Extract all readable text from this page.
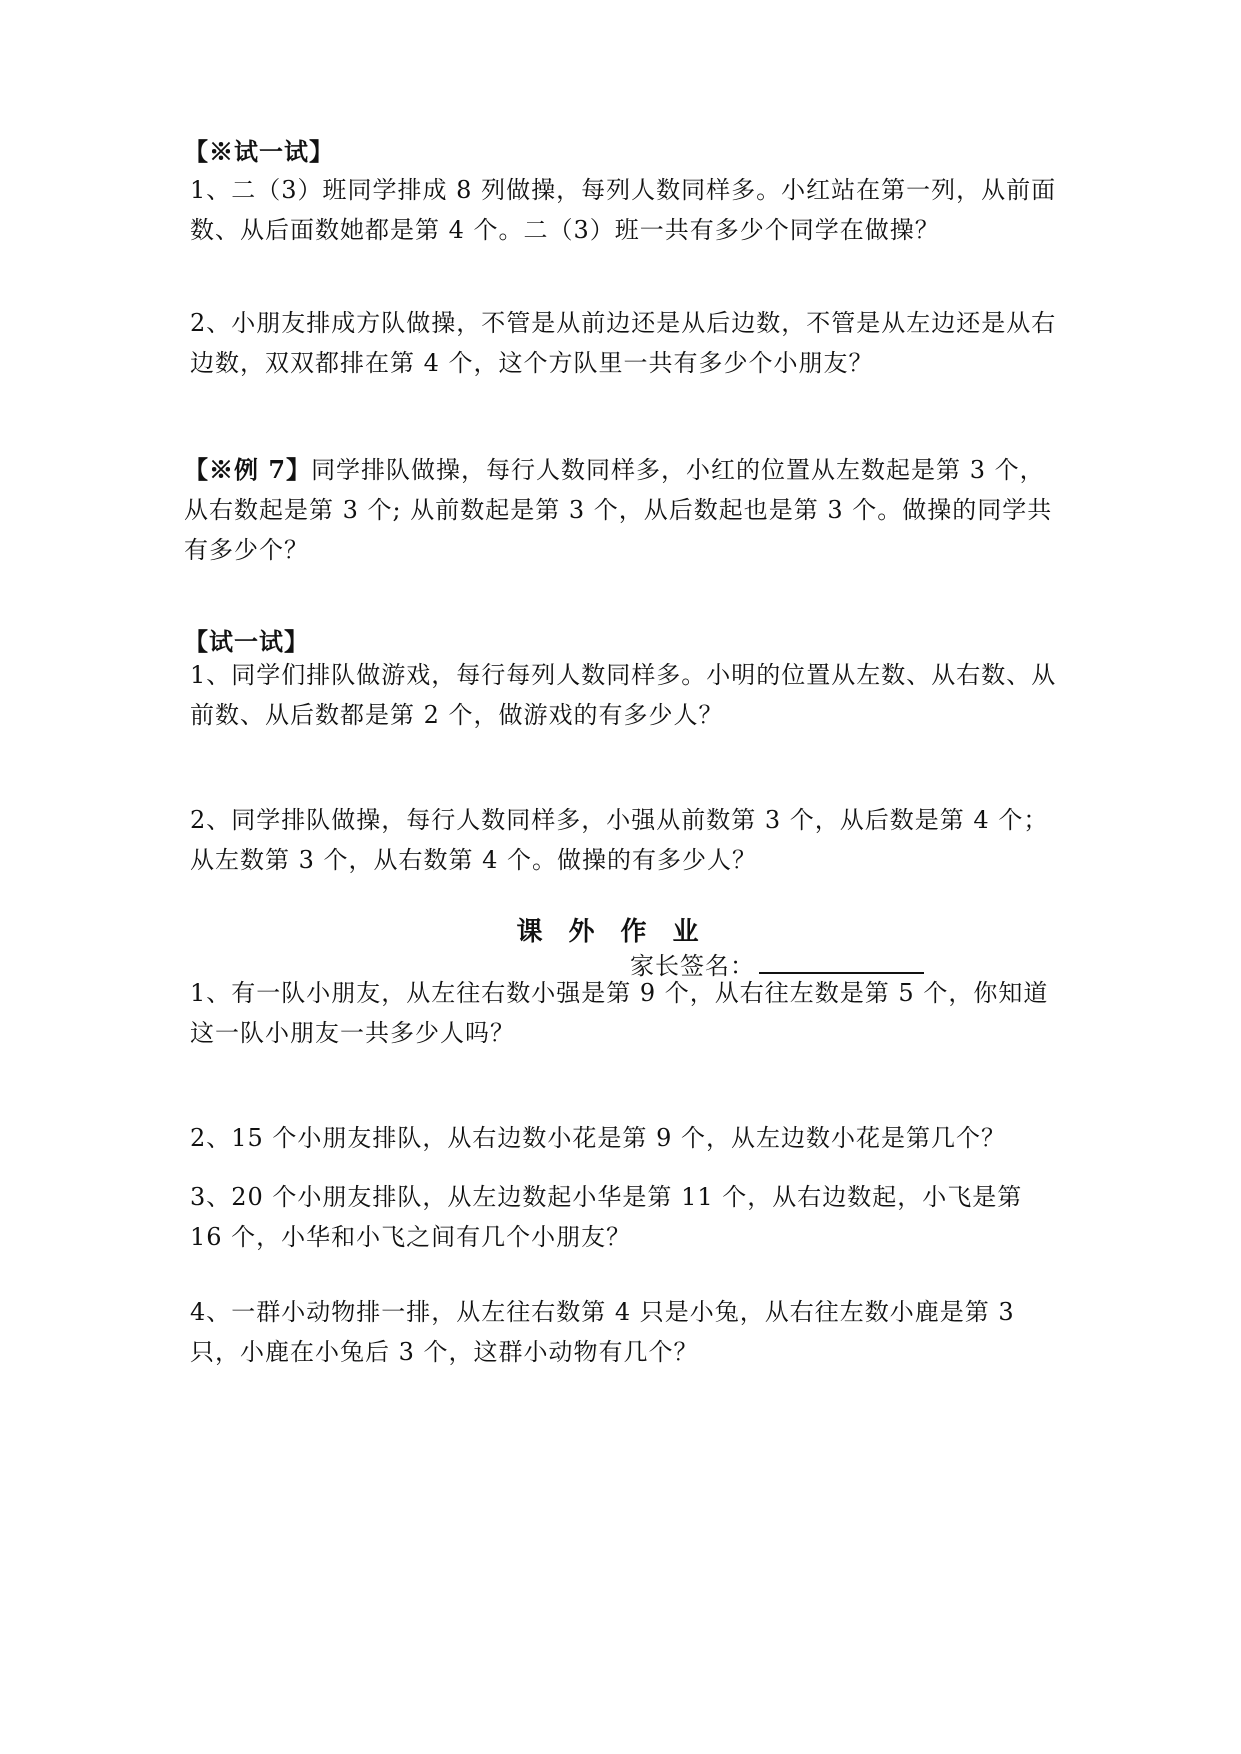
【※试一试】
1、二（3）班同学排成 8 列做操，每列人数同样多。小红站在第一列，从前面数、从后面数她都是第 4 个。二（3）班一共有多少个同学在做操？
2、小朋友排成方队做操，不管是从前边还是从后边数，不管是从左边还是从右边数，双双都排在第 4 个，这个方队里一共有多少个小朋友？
【※例 7】同学排队做操，每行人数同样多，小红的位置从左数起是第 3 个，从右数起是第 3 个; 从前数起是第 3 个，从后数起也是第 3 个。做操的同学共有多少个？
【试一试】
1、同学们排队做游戏，每行每列人数同样多。小明的位置从左数、从右数、从前数、从后数都是第 2 个，做游戏的有多少人？
2、同学排队做操，每行人数同样多，小强从前数第 3 个，从后数是第 4 个；从左数第 3 个，从右数第 4 个。做操的有多少人？
课外作业
家长签名：
1、有一队小朋友，从左往右数小强是第 9 个，从右往左数是第 5 个，你知道这一队小朋友一共多少人吗？
2、15 个小朋友排队，从右边数小花是第 9 个，从左边数小花是第几个？
3、20 个小朋友排队，从左边数起小华是第 11 个，从右边数起，小飞是第 16 个，小华和小飞之间有几个小朋友？
4、一群小动物排一排，从左往右数第 4 只是小兔，从右往左数小鹿是第 3 只，小鹿在小兔后 3 个，这群小动物有几个？
